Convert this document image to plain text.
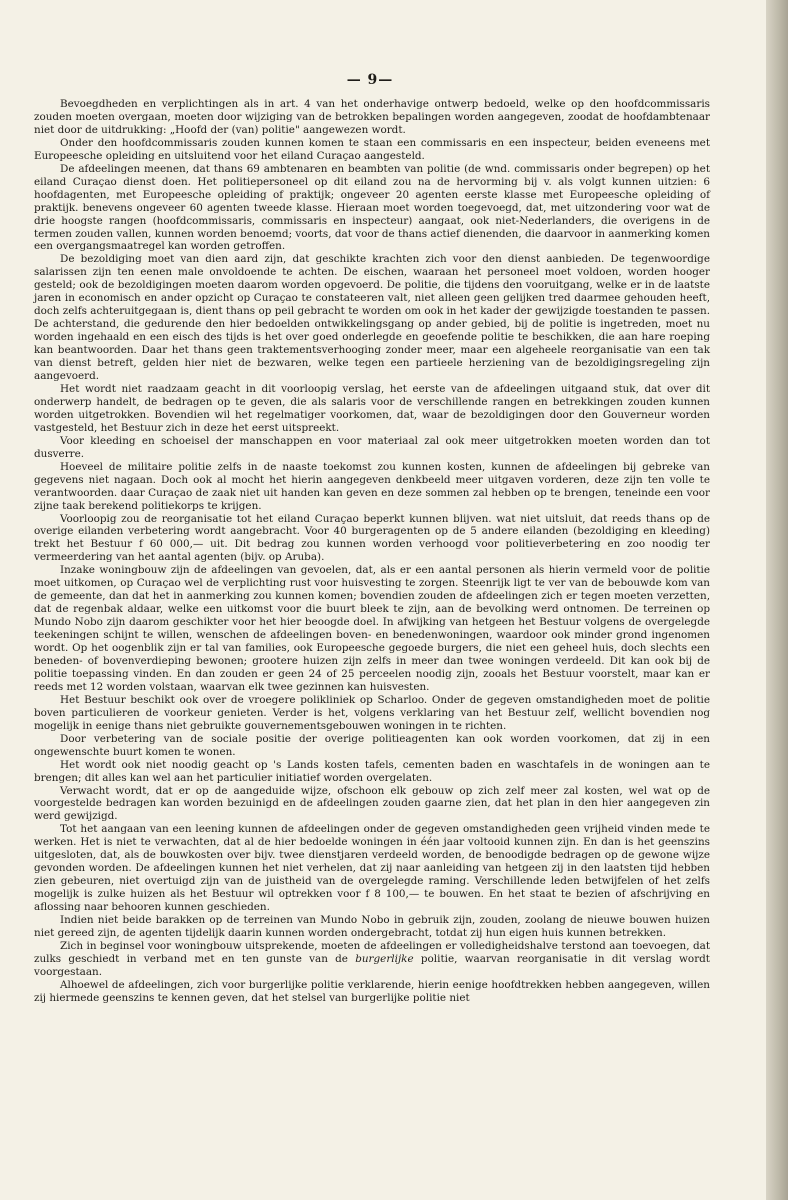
— 9—

Bevoegdheden en verplichtingen als in art. 4 van het onderhavige ontwerp bedoeld, welke op den hoofdcommissaris zouden moeten overgaan, moeten door wijziging van de betrokken bepalingen worden aangegeven, zoodat de hoofdambtenaar niet door de uitdrukking: „Hoofd der (van) politie" aangewezen wordt.

Onder den hoofdcommissaris zouden kunnen komen te staan een commissaris en een inspecteur, beiden eveneens met Europeesche opleiding en uitsluitend voor het eiland Curaçao aangesteld.

De afdeelingen meenen, dat thans 69 ambtenaren en beambten van politie (de wnd. commissaris onder begrepen) op het eiland Curaçao dienst doen. Het politiepersoneel op dit eiland zou na de hervorming bij v. als volgt kunnen uitzien: 6 hoofdagenten, met Europeesche opleiding of praktijk; ongeveer 20 agenten eerste klasse met Europeesche opleiding of praktijk. benevens ongeveer 60 agenten tweede klasse. Hieraan moet worden toegevoegd, dat, met uitzondering voor wat de drie hoogste rangen (hoofdcommissaris, commissaris en inspecteur) aangaat, ook niet-Nederlanders, die overigens in de termen zouden vallen, kunnen worden benoemd; voorts, dat voor de thans actief dienenden, die daarvoor in aanmerking komen een overgangsmaatregel kan worden getroffen.

De bezoldiging moet van dien aard zijn, dat geschikte krachten zich voor den dienst aanbieden. De tegenwoordige salarissen zijn ten eenen male onvoldoende te achten. De eischen, waaraan het personeel moet voldoen, worden hooger gesteld; ook de bezoldigingen moeten daarom worden opgevoerd. De politie, die tijdens den vooruitgang, welke er in de laatste jaren in economisch en ander opzicht op Curaçao te constateeren valt, niet alleen geen gelijken tred daarmee gehouden heeft, doch zelfs achteruitgegaan is, dient thans op peil gebracht te worden om ook in het kader der gewijzigde toestanden te passen. De achterstand, die gedurende den hier bedoelden ontwikkelingsgang op ander gebied, bij de politie is ingetreden, moet nu worden ingehaald en een eisch des tijds is het over goed onderlegde en geoefende politie te beschikken, die aan hare roeping kan beantwoorden. Daar het thans geen traktementsverhooging zonder meer, maar een algeheele reorganisatie van een tak van dienst betreft, gelden hier niet de bezwaren, welke tegen een partieele herziening van de bezoldigingsregeling zijn aangevoerd.

Het wordt niet raadzaam geacht in dit voorloopig verslag, het eerste van de afdeelingen uitgaand stuk, dat over dit onderwerp handelt, de bedragen op te geven, die als salaris voor de verschillende rangen en betrekkingen zouden kunnen worden uitgetrokken. Bovendien wil het regelmatiger voorkomen, dat, waar de bezoldigingen door den Gouverneur worden vastgesteld, het Bestuur zich in deze het eerst uitspreekt.

Voor kleeding en schoeisel der manschappen en voor materiaal zal ook meer uitgetrokken moeten worden dan tot dusverre.

Hoeveel de militaire politie zelfs in de naaste toekomst zou kunnen kosten, kunnen de afdeelingen bij gebreke van gegevens niet nagaan. Doch ook al mocht het hierin aangegeven denkbeeld meer uitgaven vorderen, deze zijn ten volle te verantwoorden. daar Curaçao de zaak niet uit handen kan geven en deze sommen zal hebben op te brengen, teneinde een voor zijne taak berekend politiekorps te krijgen.

Voorloopig zou de reorganisatie tot het eiland Curaçao beperkt kunnen blijven. wat niet uitsluit, dat reeds thans op de overige eilanden verbetering wordt aangebracht. Voor 40 burgeragenten op de 5 andere eilanden (bezoldiging en kleeding) trekt het Bestuur f 60 000,— uit. Dit bedrag zou kunnen worden verhoogd voor politieverbetering en zoo noodig ter vermeerdering van het aantal agenten (bijv. op Aruba).

Inzake woningbouw zijn de afdeelingen van gevoelen, dat, als er een aantal personen als hierin vermeld voor de politie moet uitkomen, op Curaçao wel de verplichting rust voor huisvesting te zorgen. Steenrijk ligt te ver van de bebouwde kom van de gemeente, dan dat het in aanmerking zou kunnen komen; bovendien zouden de afdeelingen zich er tegen moeten verzetten, dat de regenbak aldaar, welke een uitkomst voor die buurt bleek te zijn, aan de bevolking werd ontnomen. De terreinen op Mundo Nobo zijn daarom geschikter voor het hier beoogde doel. In afwijking van hetgeen het Bestuur volgens de overgelegde teekeningen schijnt te willen, wenschen de afdeelingen boven- en benedenwoningen, waardoor ook minder grond ingenomen wordt. Op het oogenblik zijn er tal van families, ook Europeesche gegoede burgers, die niet een geheel huis, doch slechts een beneden- of bovenverdieping bewonen; grootere huizen zijn zelfs in meer dan twee woningen verdeeld. Dit kan ook bij de politie toepassing vinden. En dan zouden er geen 24 of 25 perceelen noodig zijn, zooals het Bestuur voorstelt, maar kan er reeds met 12 worden volstaan, waarvan elk twee gezinnen kan huisvesten.

Het Bestuur beschikt ook over de vroegere polikliniek op Scharloo. Onder de gegeven omstandigheden moet de politie boven particulieren de voorkeur genieten. Verder is het, volgens verklaring van het Bestuur zelf, wellicht bovendien nog mogelijk in eenige thans niet gebruikte gouvernementsgebouwen woningen in te richten.

Door verbetering van de sociale positie der overige politieagenten kan ook worden voorkomen, dat zij in een ongewenschte buurt komen te wonen.

Het wordt ook niet noodig geacht op 's Lands kosten tafels, cementen baden en waschtafels in de woningen aan te brengen; dit alles kan wel aan het particulier initiatief worden overgelaten.

Verwacht wordt, dat er op de aangeduide wijze, ofschoon elk gebouw op zich zelf meer zal kosten, wel wat op de voorgestelde bedragen kan worden bezuinigd en de afdeelingen zouden gaarne zien, dat het plan in den hier aangegeven zin werd gewijzigd.

Tot het aangaan van een leening kunnen de afdeelingen onder de gegeven omstandigheden geen vrijheid vinden mede te werken. Het is niet te verwachten, dat al de hier bedoelde woningen in één jaar voltooid kunnen zijn. En dan is het geenszins uitgesloten, dat, als de bouwkosten over bijv. twee dienstjaren verdeeld worden, de benoodigde bedragen op de gewone wijze gevonden worden. De afdeelingen kunnen het niet verhelen, dat zij naar aanleiding van hetgeen zij in den laatsten tijd hebben zien gebeuren, niet overtuigd zijn van de juistheid van de overgelegde raming. Verschillende leden betwijfelen of het zelfs mogelijk is zulke huizen als het Bestuur wil optrekken voor f 8 100,— te bouwen. En het staat te bezien of afschrijving en aflossing naar behooren kunnen geschieden.

Indien niet beide barakken op de terreinen van Mundo Nobo in gebruik zijn, zouden, zoolang de nieuwe bouwen huizen niet gereed zijn, de agenten tijdelijk daarin kunnen worden ondergebracht, totdat zij hun eigen huis kunnen betrekken.

Zich in beginsel voor woningbouw uitsprekende, moeten de afdeelingen er volledigheidshalve terstond aan toevoegen, dat zulks geschiedt in verband met en ten gunste van de burgerlijke politie, waarvan reorganisatie in dit verslag wordt voorgestaan.

Alhoewel de afdeelingen, zich voor burgerlijke politie verklarende, hierin eenige hoofdtrekken hebben aangegeven, willen zij hiermede geenszins te kennen geven, dat het stelsel van burgerlijke politie niet
